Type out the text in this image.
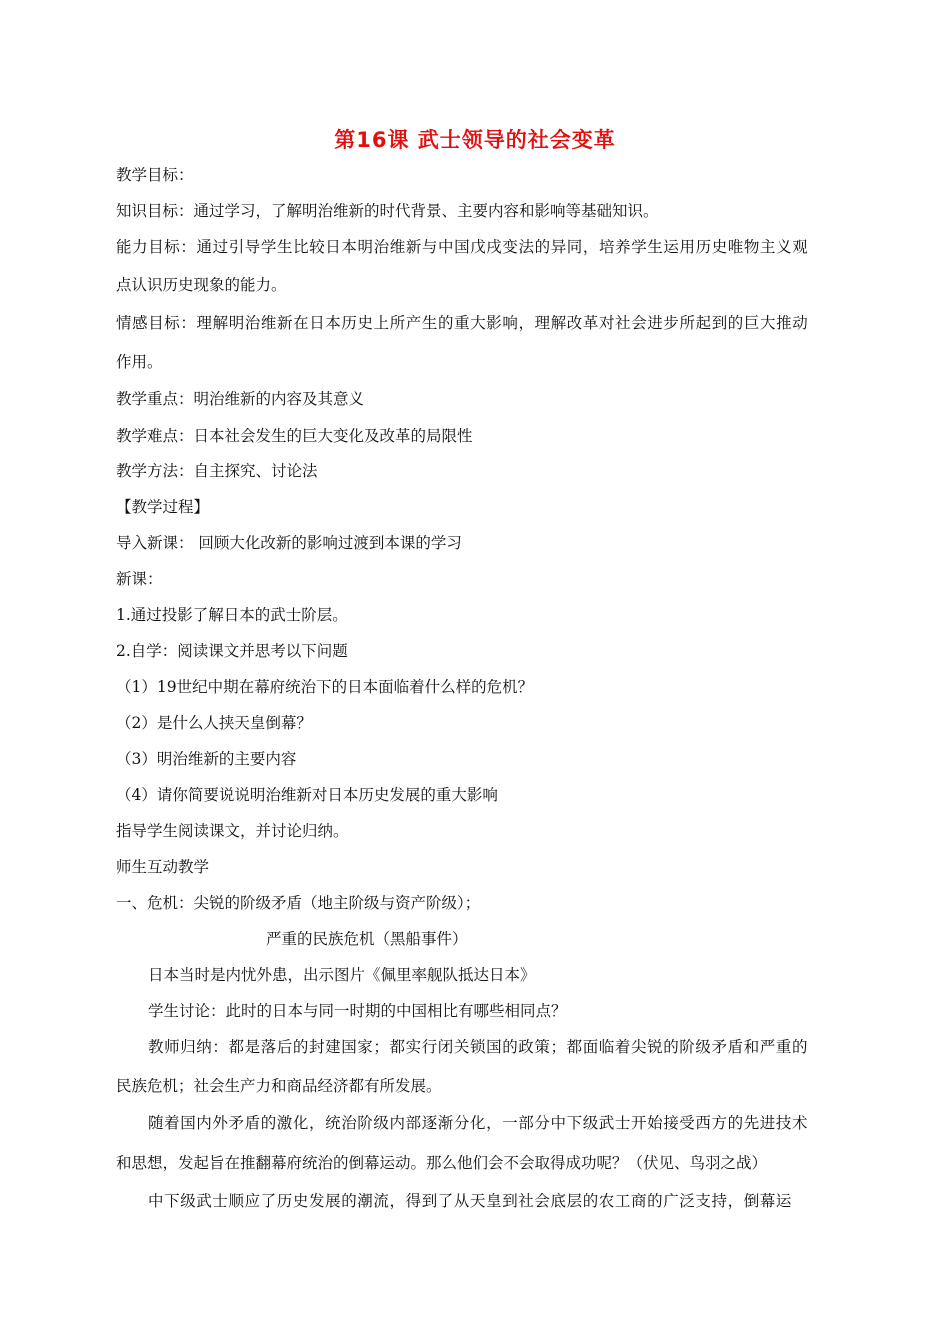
第16课 武士领导的社会变革
教学目标：
知识目标：通过学习，了解明治维新的时代背景、主要内容和影响等基础知识。
能力目标：通过引导学生比较日本明治维新与中国戊戌变法的异同，培养学生运用历史唯物主义观
点认识历史现象的能力。
情感目标：理解明治维新在日本历史上所产生的重大影响，理解改革对社会进步所起到的巨大推动
作用。
教学重点：明治维新的内容及其意义
教学难点：日本社会发生的巨大变化及改革的局限性
教学方法：自主探究、讨论法
【教学过程】
导入新课： 回顾大化改新的影响过渡到本课的学习
新课：
1.通过投影了解日本的武士阶层。
2.自学：阅读课文并思考以下问题
（1）19世纪中期在幕府统治下的日本面临着什么样的危机？
（2）是什么人挟天皇倒幕？
（3）明治维新的主要内容
（4）请你简要说说明治维新对日本历史发展的重大影响
指导学生阅读课文，并讨论归纳。
师生互动教学
一、危机：尖锐的阶级矛盾（地主阶级与资产阶级）；
严重的民族危机（黑船事件）
日本当时是内忧外患，出示图片《佩里率舰队抵达日本》
学生讨论：此时的日本与同一时期的中国相比有哪些相同点？
教师归纳：都是落后的封建国家；都实行闭关锁国的政策；都面临着尖锐的阶级矛盾和严重的
民族危机；社会生产力和商品经济都有所发展。
随着国内外矛盾的激化，统治阶级内部逐渐分化，一部分中下级武士开始接受西方的先进技术
和思想，发起旨在推翻幕府统治的倒幕运动。那么他们会不会取得成功呢？（伏见、鸟羽之战）
中下级武士顺应了历史发展的潮流，得到了从天皇到社会底层的农工商的广泛支持，倒幕运
